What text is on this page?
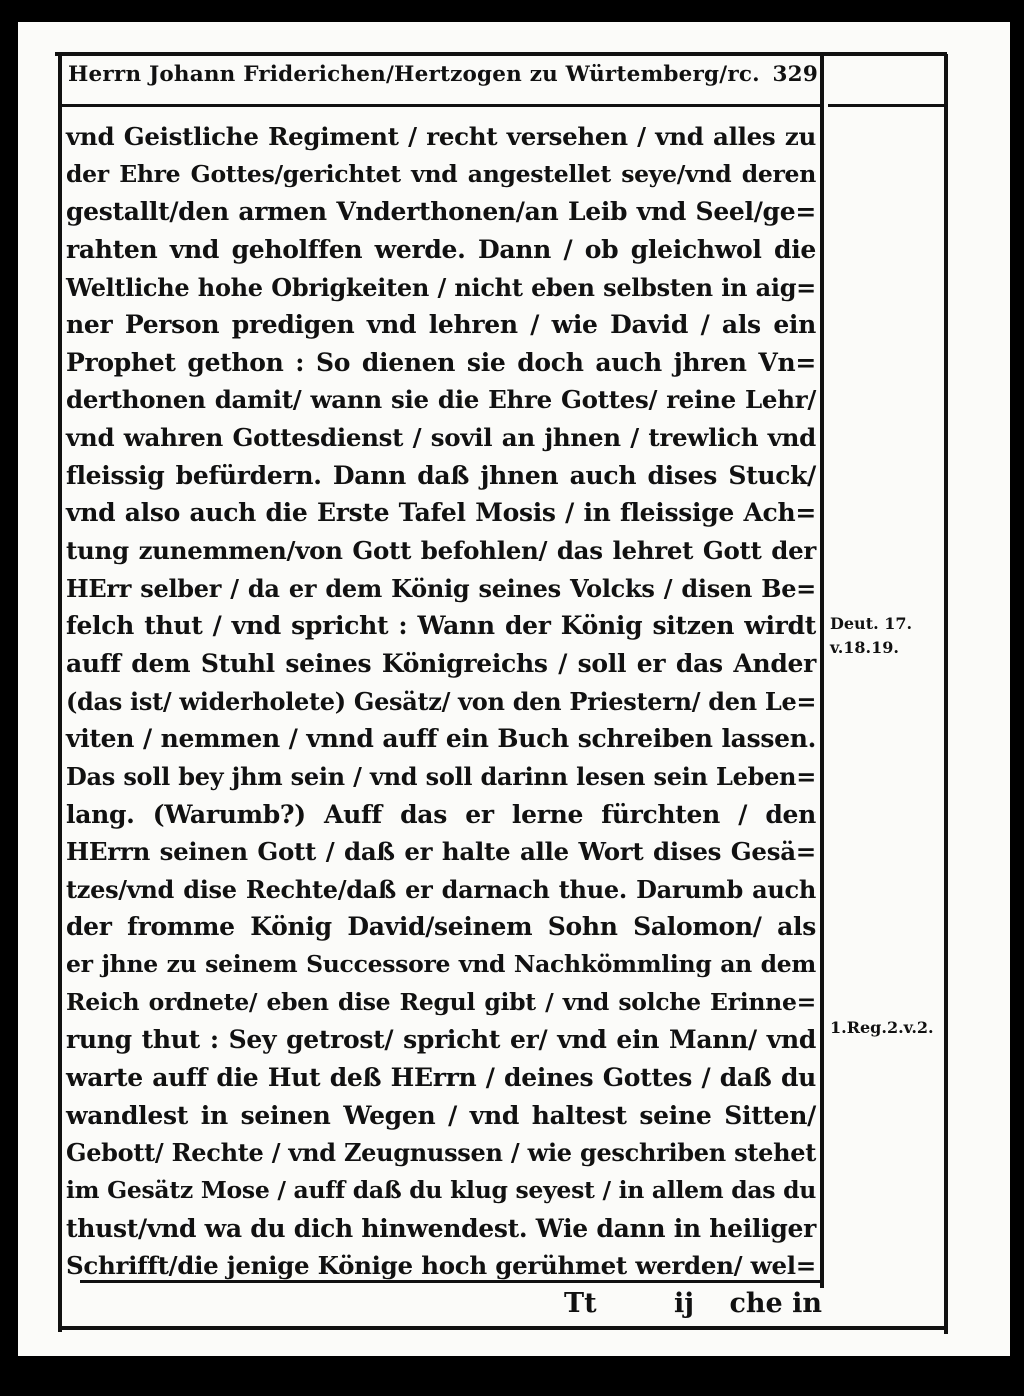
Herrn Johann Friderichen/Hertzogen zu Würtemberg/rc. 329
vnd Geistliche Regiment / recht versehen / vnd alles zu
der Ehre Gottes/gerichtet vnd angestellet seye/vnd deren
gestallt/den armen Vnderthonen/an Leib vnd Seel/ge=
rahten vnd geholffen werde. Dann / ob gleichwol die
Weltliche hohe Obrigkeiten / nicht eben selbsten in aig=
ner Person predigen vnd lehren / wie David / als ein
Prophet gethon : So dienen sie doch auch jhren Vn=
derthonen damit/ wann sie die Ehre Gottes/ reine Lehr/
vnd wahren Gottesdienst / sovil an jhnen / trewlich vnd
fleissig befürdern. Dann daß jhnen auch dises Stuck/
vnd also auch die Erste Tafel Mosis / in fleissige Ach=
tung zunemmen/von Gott befohlen/ das lehret Gott der
HErr selber / da er dem König seines Volcks / disen Be=
felch thut / vnd spricht : Wann der König sitzen wirdt
auff dem Stuhl seines Königreichs / soll er das Ander
(das ist/ widerholete) Gesätz/ von den Priestern/ den Le=
viten / nemmen / vnnd auff ein Buch schreiben lassen.
Das soll bey jhm sein / vnd soll darinn lesen sein Leben=
lang. (Warumb?) Auff das er lerne fürchten / den
HErrn seinen Gott / daß er halte alle Wort dises Gesä=
tzes/vnd dise Rechte/daß er darnach thue. Darumb auch
der fromme König David/seinem Sohn Salomon/ als
er jhne zu seinem Successore vnd Nachkömmling an dem
Reich ordnete/ eben dise Regul gibt / vnd solche Erinne=
rung thut : Sey getrost/ spricht er/ vnd ein Mann/ vnd
warte auff die Hut deß HErrn / deines Gottes / daß du
wandlest in seinen Wegen / vnd haltest seine Sitten/
Gebott/ Rechte / vnd Zeugnussen / wie geschriben stehet
im Gesätz Mose / auff daß du klug seyest / in allem das du
thust/vnd wa du dich hinwendest. Wie dann in heiliger
Schrifft/die jenige Könige hoch gerühmet werden/ wel=
Deut. 17.
v.18.19.
1.Reg.2.v.2.
Tt	ij che in
